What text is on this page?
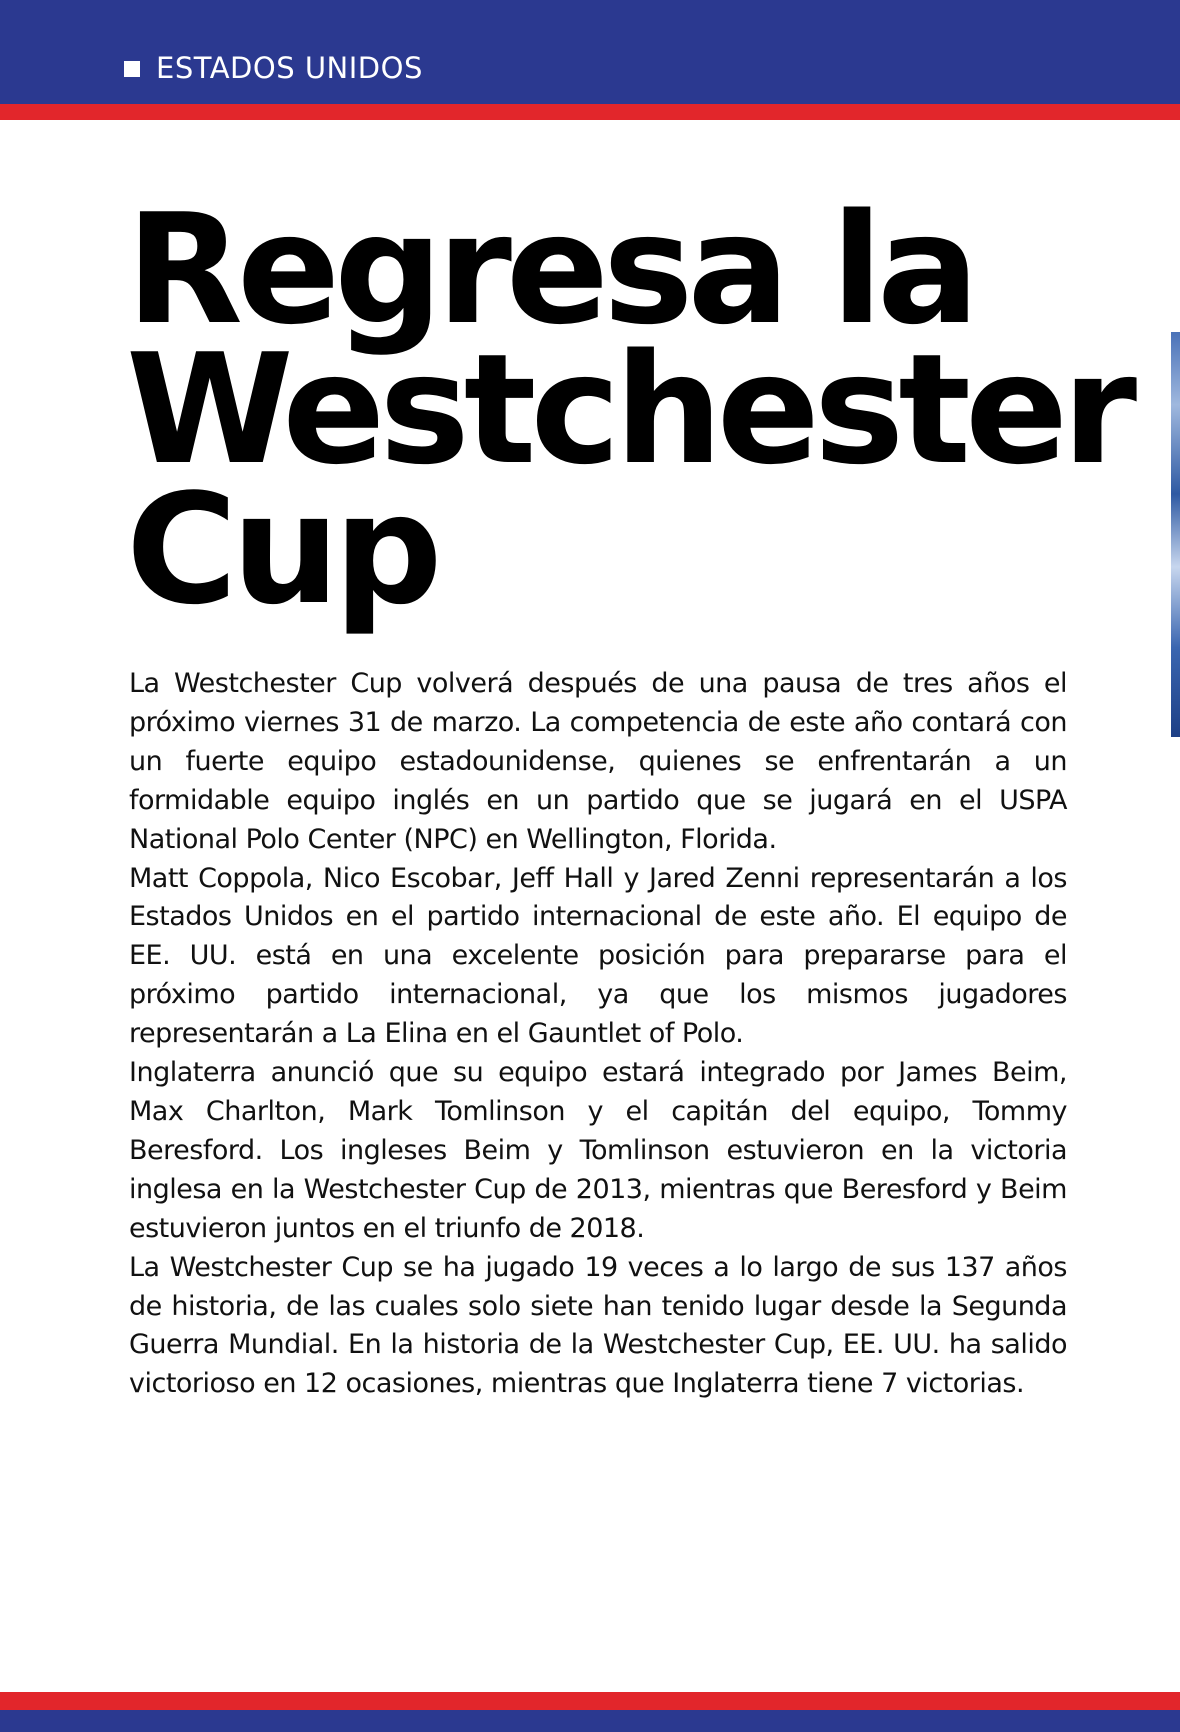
ESTADOS UNIDOS
Regresa la
Westchester
Cup

La Westchester Cup volverá después de una pausa de tres años el próximo viernes 31 de marzo. La competencia de este año contará con un fuerte equipo estadounidense, quienes se enfrentarán a un formidable equipo inglés en un partido que se jugará en el USPA National Polo Center (NPC) en Wellington, Florida.

Matt Coppola, Nico Escobar, Jeff Hall y Jared Zenni representarán a los Estados Unidos en el partido internacional de este año. El equipo de EE. UU. está en una excelente posición para prepararse para el próximo partido internacional, ya que los mismos jugadores representarán a La Elina en el Gauntlet of Polo.

Inglaterra anunció que su equipo estará integrado por James Beim, Max Charlton, Mark Tomlinson y el capitán del equipo, Tommy Beresford. Los ingleses Beim y Tomlinson estuvieron en la victoria inglesa en la Westchester Cup de 2013, mientras que Beresford y Beim estuvieron juntos en el triunfo de 2018.

La Westchester Cup se ha jugado 19 veces a lo largo de sus 137 años de historia, de las cuales solo siete han tenido lugar desde la Segunda Guerra Mundial. En la historia de la Westchester Cup, EE. UU. ha salido victorioso en 12 ocasiones, mientras que Inglaterra tiene 7 victorias.
